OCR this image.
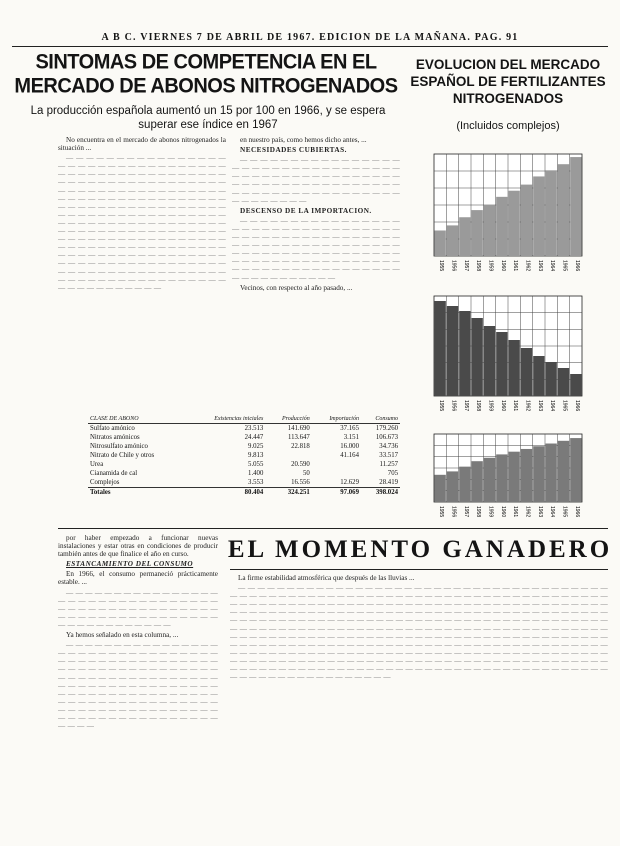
A B C. VIERNES 7 DE ABRIL DE 1967. EDICION DE LA MAÑANA. PAG. 91
SINTOMAS DE COMPETENCIA EN EL MERCADO DE ABONOS NITROGENADOS
La producción española aumentó un 15 por 100 en 1966, y se espera superar ese índice en 1967
EVOLUCION DEL MERCADO ESPAÑOL DE FERTILIZANTES NITROGENADOS
(Incluidos complejos)

No encuentra en el mercado de abonos nitrogenados la situación ...

— — — — — — — — — — — — — — — — — — — — — — — — — — — — — — — — — — — — — — — — — — — — — — — — — — — — — — — — — — — — — — — — — — — — — — — — — — — — — — — — — — — — — — — — — — — — — — — — — — — — — — — — — — — — — — — — — — — — — — — — — — — — — — — — — — — — — — — — — — — — — — — — — — — — — — — — — — — — — — — — — — — — — — — — — — — — — — — — — — — — — — — — — — — — — — — — — — — — — — — — — — — — — — — — — — — — — — — — — — — — — — — — — — — — — — — — — — — — — — — — — — — — — — — — — — — — — — — — — — — — — — — — — — — — — — — — — — — — — — — — — —

en nuestro país, como hemos dicho antes, ...

NECESIDADES CUBIERTAS.

— — — — — — — — — — — — — — — — — — — — — — — — — — — — — — — — — — — — — — — — — — — — — — — — — — — — — — — — — — — — — — — — — — — — — — — — — — — — — — — — — — — — — — — — — — — —

DESCENSO DE LA IMPORTACION.

— — — — — — — — — — — — — — — — — — — — — — — — — — — — — — — — — — — — — — — — — — — — — — — — — — — — — — — — — — — — — — — — — — — — — — — — — — — — — — — — — — — — — — — — — — — — — — — — — — — — — — — — — — — — — — — — — — — — — — — — — — — — — — — — —

Vecinos, con respecto al año pasado, ...

CLASE DE ABONO	Existencias iniciales	Producción	Importación	Consumo
Sulfato amónico	23.513	141.690	37.165	179.260
Nitratos amónicos	24.447	113.647	3.151	106.673
Nitrosulfato amónico	9.025	22.818	16.000	34.736
Nitrato de Chile y otros	9.813		41.164	33.517
Urea	5.055	20.590		11.257
Cianamida de cal	1.400	50		705
Complejos	3.553	16.556	12.629	28.419
Totales	80.404	324.251	97.069	398.024

por haber empezado a funcionar nuevas instalaciones y estar otras en condiciones de producir también antes de que finalice el año en curso.

ESTANCAMIENTO DEL CONSUMO

En 1966, el consumo permaneció prácticamente estable. ...

— — — — — — — — — — — — — — — — — — — — — — — — — — — — — — — — — — — — — — — — — — — — — — — — — — — — — — — — — — — — — — — — — — — — — — — — — — — —

Ya hemos señalado en esta columna, ...

— — — — — — — — — — — — — — — — — — — — — — — — — — — — — — — — — — — — — — — — — — — — — — — — — — — — — — — — — — — — — — — — — — — — — — — — — — — — — — — — — — — — — — — — — — — — — — — — — — — — — — — — — — — — — — — — — — — — — — — — — — — — — — — — — — — — — — — — — — — — — — — — — — — — — — — — — — — — — — — — — — — —

EL MOMENTO GANADERO

La firme estabilidad atmosférica que después de las lluvias ...

— — — — — — — — — — — — — — — — — — — — — — — — — — — — — — — — — — — — — — — — — — — — — — — — — — — — — — — — — — — — — — — — — — — — — — — — — — — — — — — — — — — — — — — — — — — — — — — — — — — — — — — — — — — — — — — — — — — — — — — — — — — — — — — — — — — — — — — — — — — — — — — — — — — — — — — — — — — — — — — — — — — — — — — — — — — — — — — — — — — — — — — — — — — — — — — — — — — — — — — — — — — — — — — — — — — — — — — — — — — — — — — — — — — — — — — — — — — — — — — — — — — — — — — — — — — — — — — — — — — — — — — — — — — — — — — — — — — — — — — — — — — — — — — — — — — — — — — — — — — — — — — — — — — — — — — — — — — — — — — — — — — — — — — — — — — — — — — — — — — — — — — — — — — — — — — — — — — — — — — — — — — — — — — — — — — — — — — — — — — — — — — — — — — — — — — — — — — — — — — — — — — — — — — — — — — — — — — — — — — — — — — — — — — — — — — — — — — — — — — — — — — — —

1955 1956 1957 1958 1959 1960 1961 1962 1963 1964 1965 1966
1955 1956 1957 1958 1959 1960 1961 1962 1963 1964 1965 1966
1955 1956 1957 1958 1959 1960 1961 1962 1963 1964 1965 1966
